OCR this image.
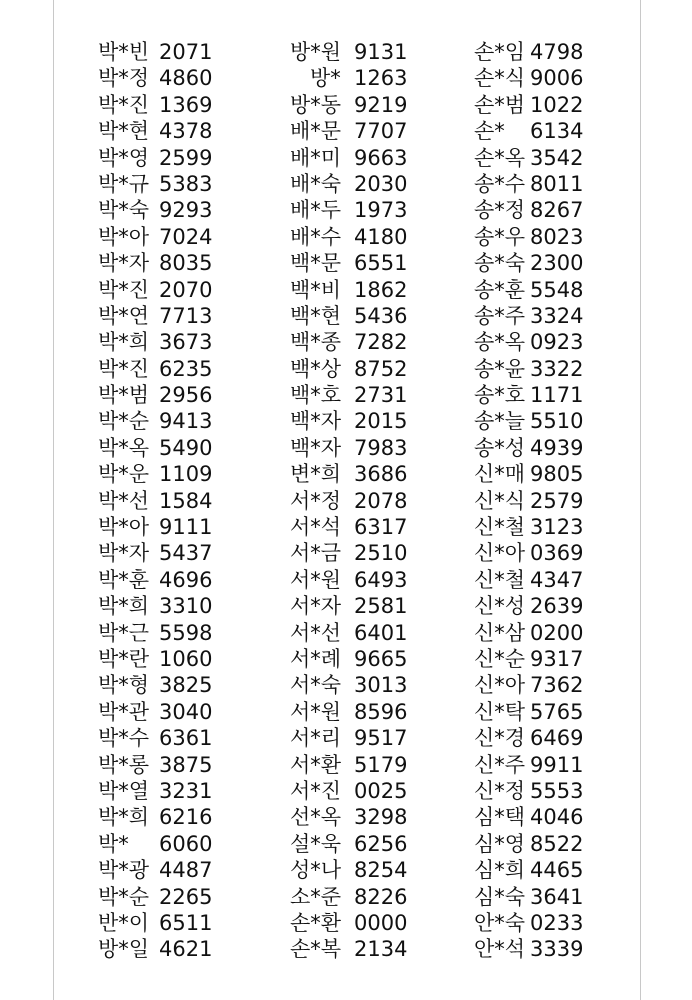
박*빈 2071
박*정 4860
박*진 1369
박*현 4378
박*영 2599
박*규 5383
박*숙 9293
박*아 7024
박*자 8035
박*진 2070
박*연 7713
박*희 3673
박*진 6235
박*범 2956
박*순 9413
박*옥 5490
박*운 1109
박*선 1584
박*아 9111
박*자 5437
박*훈 4696
박*희 3310
박*근 5598
박*란 1060
박*형 3825
박*관 3040
박*수 6361
박*롱 3875
박*열 3231
박*희 6216
박* 6060
박*광 4487
박*순 2265
반*이 6511
방*일 4621
방*원 9131
방* 1263
방*동 9219
배*문 7707
배*미 9663
배*숙 2030
배*두 1973
배*수 4180
백*문 6551
백*비 1862
백*현 5436
백*종 7282
백*상 8752
백*호 2731
백*자 2015
백*자 7983
변*희 3686
서*정 2078
서*석 6317
서*금 2510
서*원 6493
서*자 2581
서*선 6401
서*례 9665
서*숙 3013
서*원 8596
서*리 9517
서*환 5179
서*진 0025
선*옥 3298
설*욱 6256
성*나 8254
소*준 8226
손*환 0000
손*복 2134
손*임 4798
손*식 9006
손*범 1022
손* 6134
손*옥 3542
송*수 8011
송*정 8267
송*우 8023
송*숙 2300
송*훈 5548
송*주 3324
송*옥 0923
송*윤 3322
송*호 1171
송*늘 5510
송*성 4939
신*매 9805
신*식 2579
신*철 3123
신*아 0369
신*철 4347
신*성 2639
신*삼 0200
신*순 9317
신*아 7362
신*탁 5765
신*경 6469
신*주 9911
신*정 5553
심*택 4046
심*영 8522
심*희 4465
심*숙 3641
안*숙 0233
안*석 3339
